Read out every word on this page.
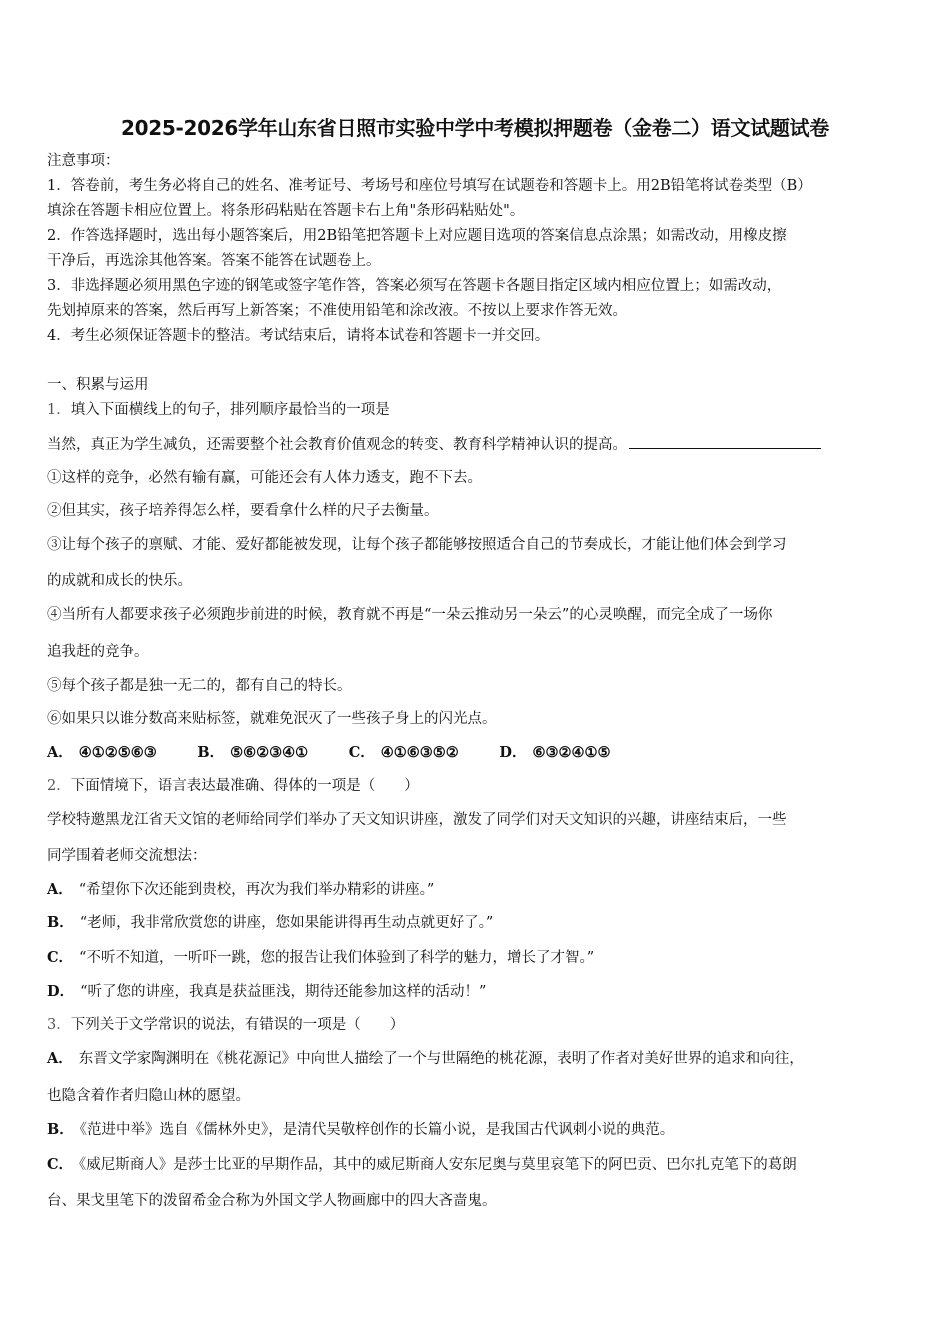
2025-2026学年山东省日照市实验中学中考模拟押题卷（金卷二）语文试题试卷
注意事项：
1．答卷前，考生务必将自己的姓名、准考证号、考场号和座位号填写在试题卷和答题卡上。用2B铅笔将试卷类型（B）
填涂在答题卡相应位置上。将条形码粘贴在答题卡右上角"条形码粘贴处"。
2．作答选择题时，选出每小题答案后，用2B铅笔把答题卡上对应题目选项的答案信息点涂黑；如需改动，用橡皮擦
干净后，再选涂其他答案。答案不能答在试题卷上。
3．非选择题必须用黑色字迹的钢笔或签字笔作答，答案必须写在答题卡各题目指定区域内相应位置上；如需改动，
先划掉原来的答案，然后再写上新答案；不准使用铅笔和涂改液。不按以上要求作答无效。
4．考生必须保证答题卡的整洁。考试结束后，请将本试卷和答题卡一并交回。
一、积累与运用
1．填入下面横线上的句子，排列顺序最恰当的一项是
当然，真正为学生减负，还需要整个社会教育价值观念的转变、教育科学精神认识的提高。
①这样的竞争，必然有输有赢，可能还会有人体力透支，跑不下去。
②但其实，孩子培养得怎么样，要看拿什么样的尺子去衡量。
③让每个孩子的禀赋、才能、爱好都能被发现，让每个孩子都能够按照适合自己的节奏成长，才能让他们体会到学习
的成就和成长的快乐。
④当所有人都要求孩子必须跑步前进的时候，教育就不再是“一朵云推动另一朵云”的心灵唤醒，而完全成了一场你
追我赶的竞争。
⑤每个孩子都是独一无二的，都有自己的特长。
⑥如果只以谁分数高来贴标签，就难免泯灭了一些孩子身上的闪光点。
A． ④①②⑤⑥③	B． ⑤⑥②③④①	C． ④①⑥③⑤②	D． ⑥③②④①⑤
2．下面情境下，语言表达最准确、得体的一项是（　　）
学校特邀黑龙江省天文馆的老师给同学们举办了天文知识讲座，激发了同学们对天文知识的兴趣，讲座结束后，一些
同学围着老师交流想法：
A． “希望你下次还能到贵校，再次为我们举办精彩的讲座。”
B． “老师，我非常欣赏您的讲座，您如果能讲得再生动点就更好了。”
C． “不听不知道，一听吓一跳，您的报告让我们体验到了科学的魅力，增长了才智。”
D． “听了您的讲座，我真是获益匪浅，期待还能参加这样的活动！”
3．下列关于文学常识的说法，有错误的一项是（　　）
A． 东晋文学家陶渊明在《桃花源记》中向世人描绘了一个与世隔绝的桃花源，表明了作者对美好世界的追求和向往，
也隐含着作者归隐山林的愿望。
B． 《范进中举》选自《儒林外史》，是清代吴敬梓创作的长篇小说，是我国古代讽刺小说的典范。
C． 《威尼斯商人》是莎士比亚的早期作品，其中的威尼斯商人安东尼奥与莫里哀笔下的阿巴贡、巴尔扎克笔下的葛朗
台、果戈里笔下的泼留希金合称为外国文学人物画廊中的四大吝啬鬼。
